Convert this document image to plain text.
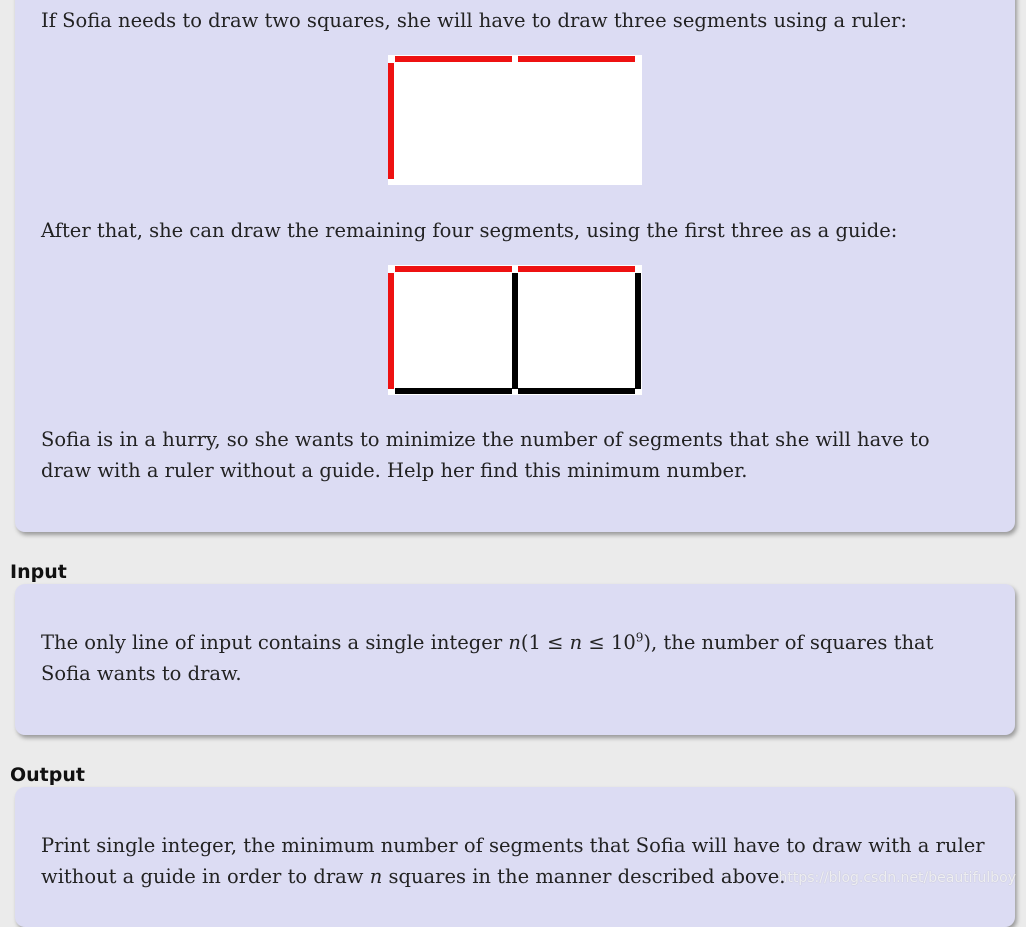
If Sofia needs to draw two squares, she will have to draw three segments using a ruler:

After that, she can draw the remaining four segments, using the first three as a guide:

Sofia is in a hurry, so she wants to minimize the number of segments that she will have to draw with a ruler without a guide. Help her find this minimum number.

Input

The only line of input contains a single integer $n(1 \le n \le 10^9)$, the number of squares that Sofia wants to draw.

Output

Print single integer, the minimum number of segments that Sofia will have to draw with a ruler without a guide in order to draw n squares in the manner described above.

https://blog.csdn.net/beautifulboy
